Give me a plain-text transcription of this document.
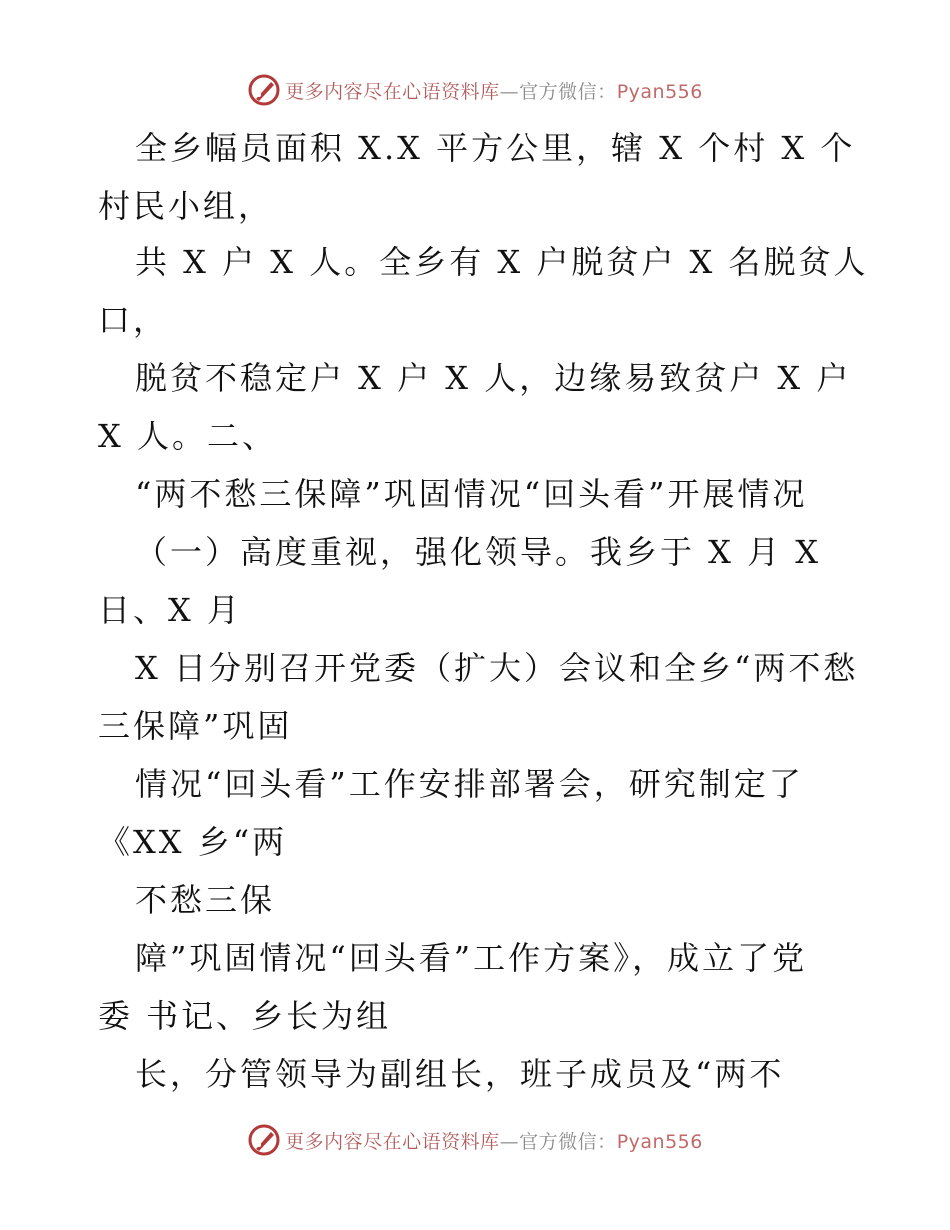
更多内容尽在心语资料库—官方微信：Pyan556
全乡幅员面积 X.X 平方公里，辖 X 个村 X 个
村民小组，
共 X 户 X 人。全乡有 X 户脱贫户 X 名脱贫人
口，
脱贫不稳定户 X 户 X 人，边缘易致贫户 X 户
X 人。二、
“两不愁三保障”巩固情况“回头看”开展情况
（一）高度重视，强化领导。我乡于 X 月 X
日、X 月
X 日分别召开党委（扩大）会议和全乡“两不愁
三保障”巩固
情况“回头看”工作安排部署会，研究制定了
《XX 乡“两
不愁三保
障”巩固情况“回头看”工作方案》，成立了党
委 书记、乡长为组
长，分管领导为副组长，班子成员及“两不
更多内容尽在心语资料库—官方微信：Pyan556
